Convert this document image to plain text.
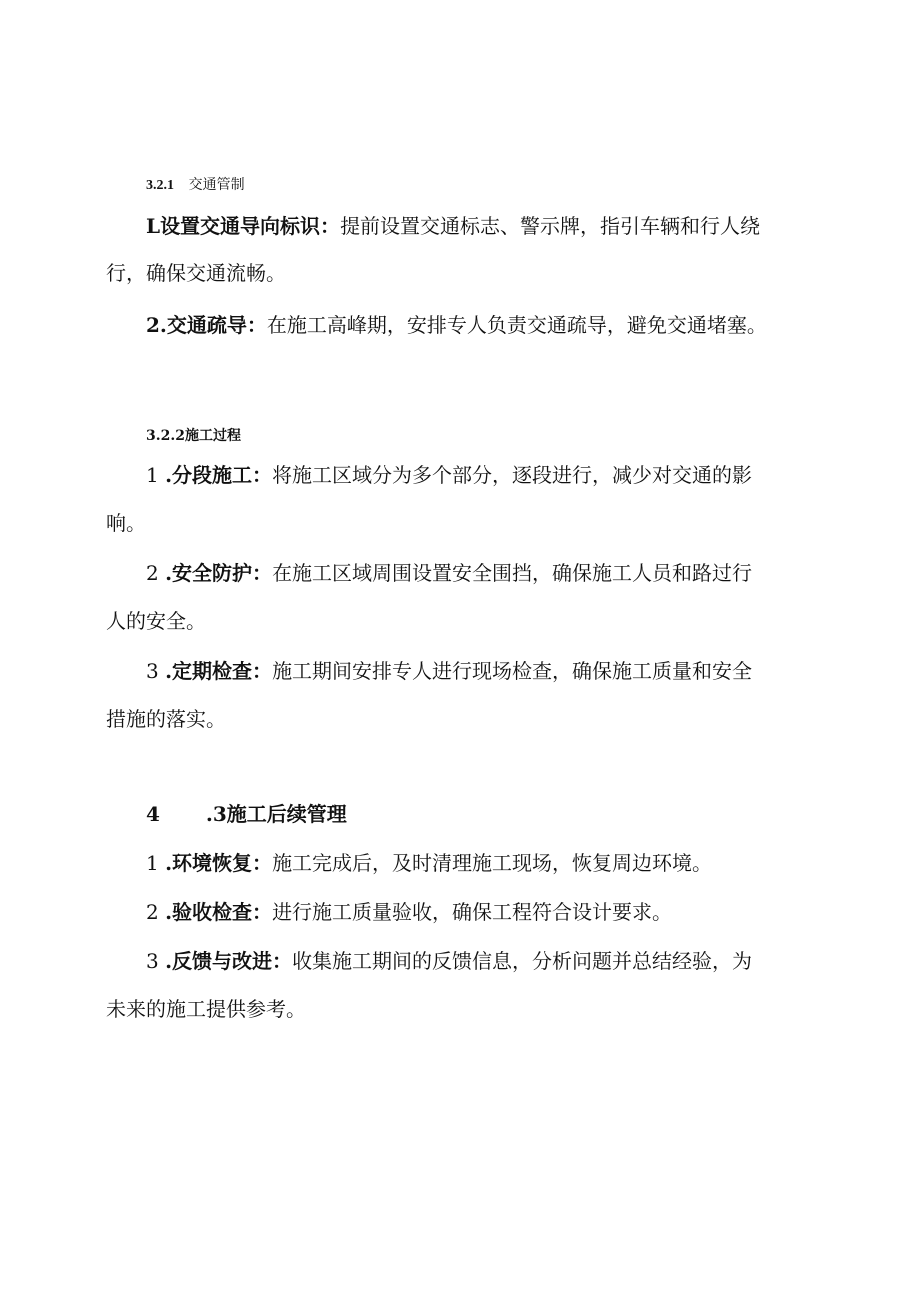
3.2.1 交通管制
L设置交通导向标识：提前设置交通标志、警示牌，指引车辆和行人绕
行，确保交通流畅。
2.交通疏导：在施工高峰期，安排专人负责交通疏导，避免交通堵塞。
3.2.2施工过程
1 .分段施工：将施工区域分为多个部分，逐段进行，减少对交通的影
响。
2 .安全防护：在施工区域周围设置安全围挡，确保施工人员和路过行
人的安全。
3 .定期检查：施工期间安排专人进行现场检查，确保施工质量和安全
措施的落实。
4 .3施工后续管理
1 .环境恢复：施工完成后，及时清理施工现场，恢复周边环境。
2 .验收检查：进行施工质量验收，确保工程符合设计要求。
3 .反馈与改进：收集施工期间的反馈信息，分析问题并总结经验，为
未来的施工提供参考。
